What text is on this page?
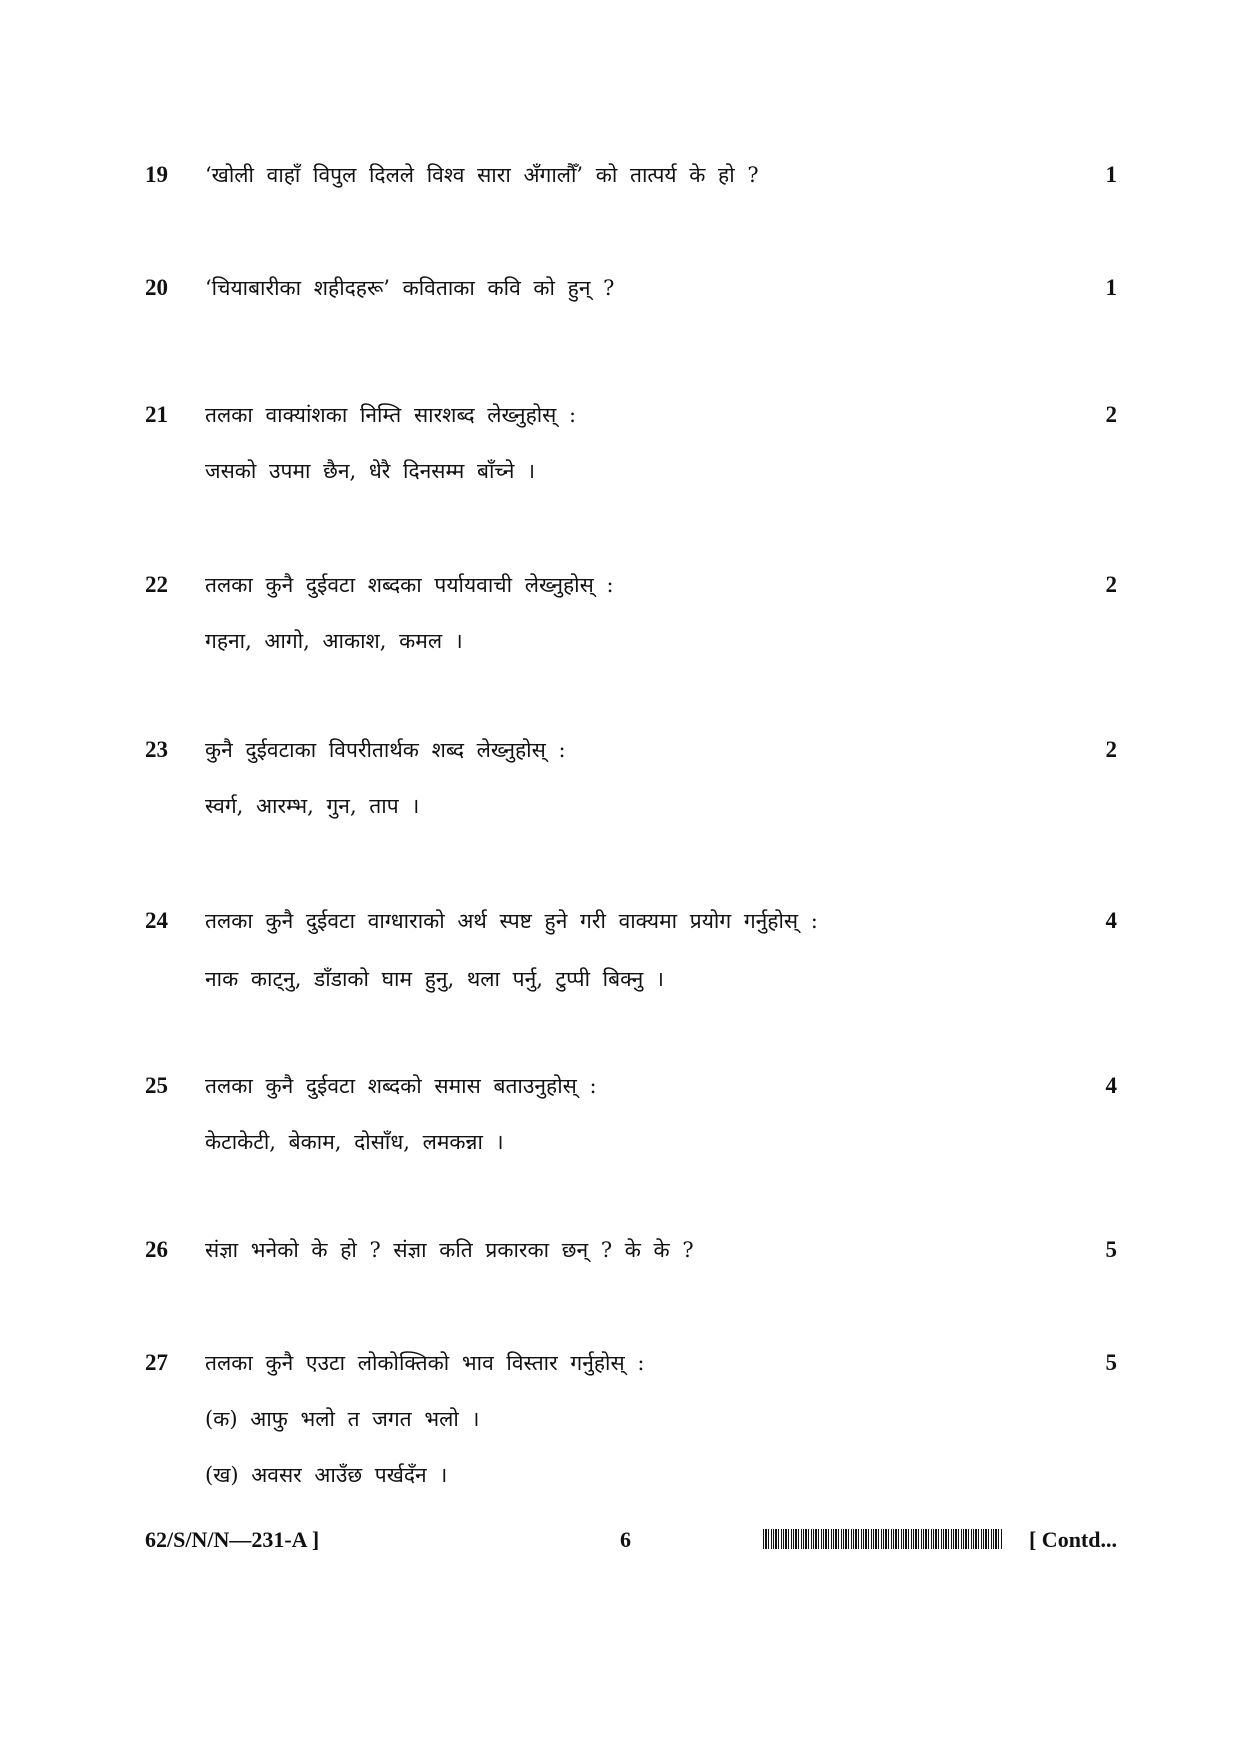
19 ‘खोली वाहाँ विपुल दिलले विश्व सारा अँगालौँ’ को तात्पर्य के हो ?	1
20 ‘चियाबारीका शहीदहरू’ कविताका कवि को हुन् ?	1
21 तलका वाक्यांशका निम्ति सारशब्द लेख्नुहोस् :	2
जसको उपमा छैन, धेरै दिनसम्म बाँच्ने ।
22 तलका कुनै दुईवटा शब्दका पर्यायवाची लेख्नुहोस् :	2
गहना, आगो, आकाश, कमल ।
23 कुनै दुईवटाका विपरीतार्थक शब्द लेख्नुहोस् :	2
स्वर्ग, आरम्भ, गुन, ताप ।
24 तलका कुनै दुईवटा वाग्धाराको अर्थ स्पष्ट हुने गरी वाक्यमा प्रयोग गर्नुहोस् :	4
नाक काट्नु, डाँडाको घाम हुनु, थला पर्नु, टुप्पी बिक्नु ।
25 तलका कुनै दुईवटा शब्दको समास बताउनुहोस् :	4
केटाकेटी, बेकाम, दोसाँध, लमकन्ना ।
26 संज्ञा भनेको के हो ? संज्ञा कति प्रकारका छन् ? के के ?	5
27 तलका कुनै एउटा लोकोक्तिको भाव विस्तार गर्नुहोस् :	5
(क) आफु भलो त जगत भलो ।
(ख) अवसर आउँछ पर्खदँन ।
62/S/N/N—231-A ]	6	[ Contd...
